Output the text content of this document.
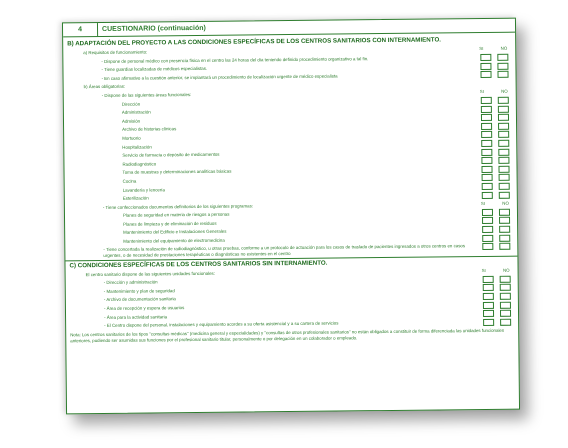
4	CUESTIONARIO (continuación)
B) ADAPTACIÓN DEL PROYECTO A LAS CONDICIONES ESPECÍFICAS DE LOS CENTROS SANITARIOS CON INTERNAMIENTO.
a) Requisitos de funcionamiento:
SI	NO
- Dispone de personal médico con presencia física en el centro las 24 horas del día teniendo definido procedimiento organizativo a tal fin.
- Tiene guardias localizadas de médicos especialistas.
- En caso afirmativo a la cuestión anterior, se implantará un procedimiento de localización urgente de médico especialista
b) Áreas obligatorias:
- Dispone de las siguientes áreas funcionales:
SI	NO
Dirección
Administración
Admisión
Archivo de historias clínicas
Mortuorio
Hospitalización
Servicio de farmacia o depósito de medicamentos
Radiodiagnóstico
Toma de muestras y determinaciones analíticas básicas
Cocina
Lavandería y lencería
Esterilización
- Tiene confeccionados documentos definitorios de los siguientes programas:	SI	NO
Planes de seguridad en materia de riesgos a personas
Planes de limpieza y de eliminación de residuos
Mantenimiento del Edificio e Instalaciones Generales
Mantenimiento del equipamiento de electromedicina
- Tiene concertada la realización de radiodiagnóstico, u otras pruebas, conforme a un protocolo de actuación para los casos de traslado de pacientes ingresados a otros centros en casos urgentes, o de necesidad de prestaciones terapéuticas o diagnósticas no existentes en el centro
C) CONDICIONES ESPECÍFICAS DE LOS CENTROS SANITARIOS SIN INTERNAMIENTO.
El centro sanitario dispone de las siguientes unidades funcionales:
SI	NO
- Dirección y administración
- Mantenimiento y plan de seguridad
- Archivo de documentación sanitaria
- Área de recepción y espera de usuarios
- Área para la actividad sanitaria
- El Centro dispone del personal, instalaciones y equipamiento acordes a su oferta asistencial y a su cartera de servicios
Nota: Los centros sanitarios de los tipos "consultas médicas" (medicina general y especialidades) y "consultas de otros profesionales sanitarios" no están obligados a constituir de forma diferenciada las unidades funcionales anteriores, pudiendo ser asumidas sus funciones por el profesional sanitario titular, personalmente o por delegación en un colaborador o empleado.
